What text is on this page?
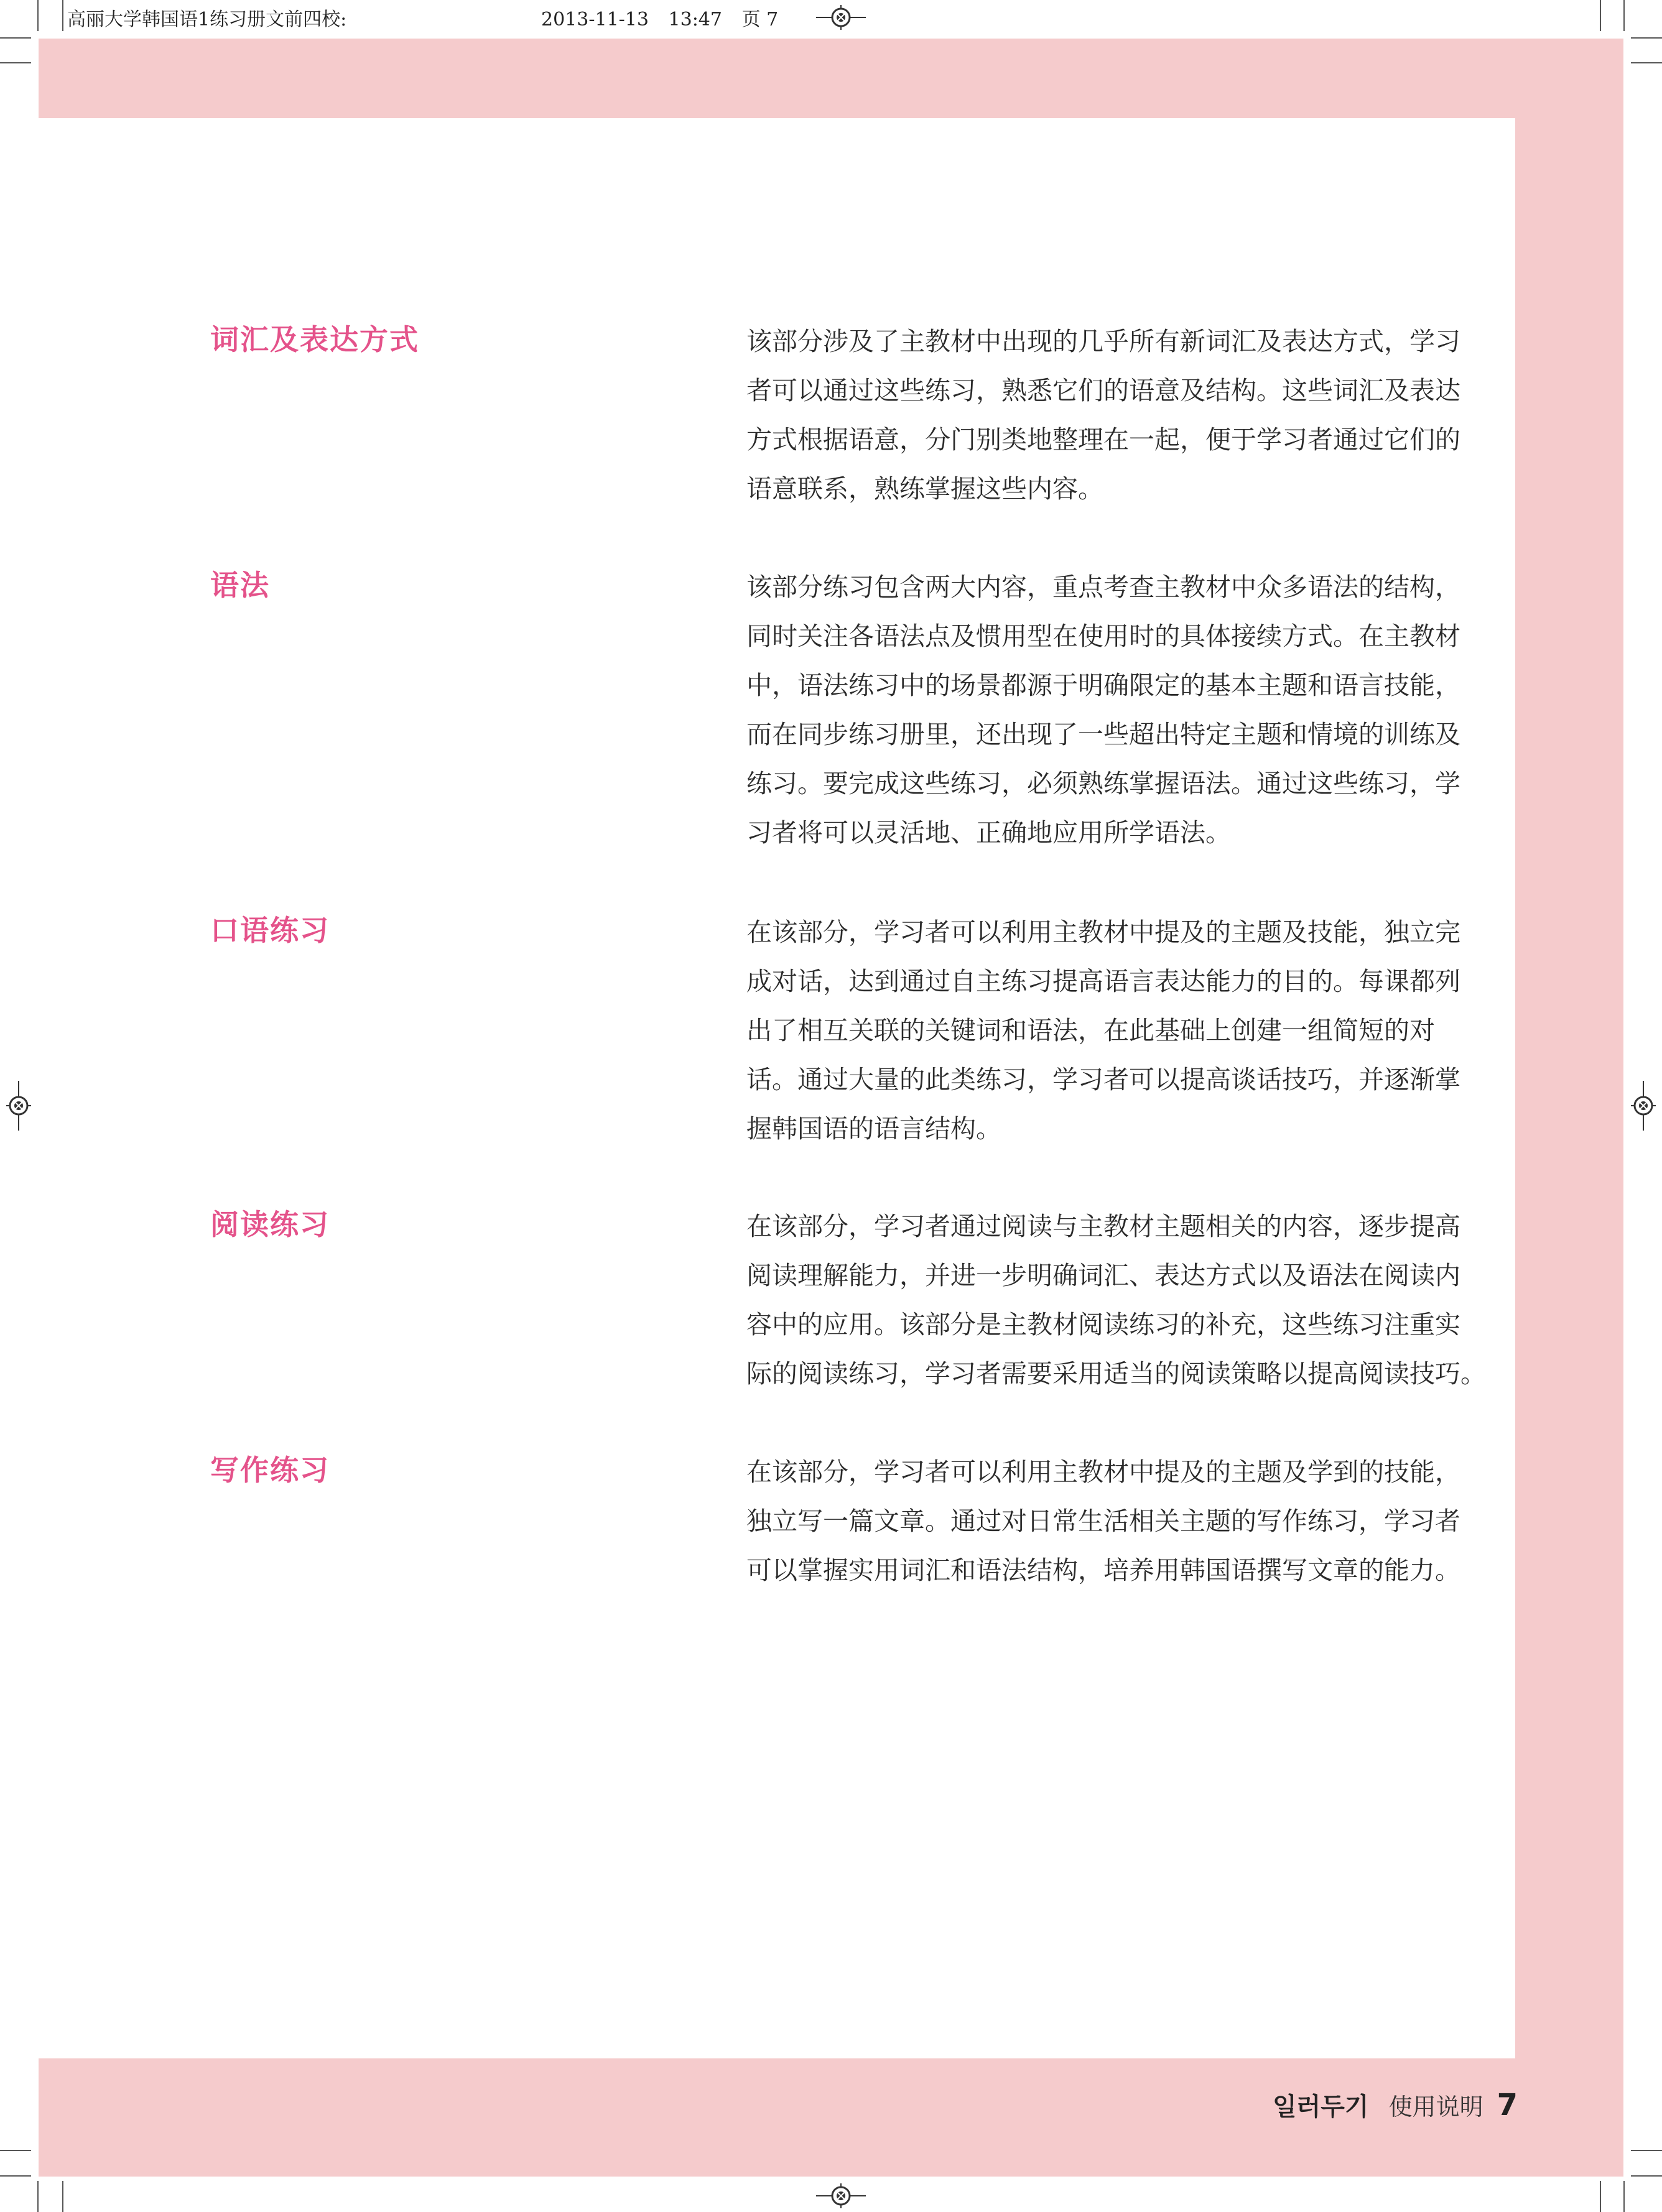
高丽大学韩国语1练习册文前四校:	2013-11-13 13:47 页 7
词汇及表达方式	该部分涉及了主教材中出现的几乎所有新词汇及表达方式，学习
者可以通过这些练习，熟悉它们的语意及结构。这些词汇及表达
方式根据语意，分门别类地整理在一起，便于学习者通过它们的
语意联系，熟练掌握这些内容。

语法	该部分练习包含两大内容，重点考查主教材中众多语法的结构，
同时关注各语法点及惯用型在使用时的具体接续方式。在主教材
中，语法练习中的场景都源于明确限定的基本主题和语言技能，
而在同步练习册里，还出现了一些超出特定主题和情境的训练及
练习。要完成这些练习，必须熟练掌握语法。通过这些练习，学
习者将可以灵活地、正确地应用所学语法。

口语练习	在该部分，学习者可以利用主教材中提及的主题及技能，独立完
成对话，达到通过自主练习提高语言表达能力的目的。每课都列
出了相互关联的关键词和语法，在此基础上创建一组简短的对
话。通过大量的此类练习，学习者可以提高谈话技巧，并逐渐掌
握韩国语的语言结构。

阅读练习	在该部分，学习者通过阅读与主教材主题相关的内容，逐步提高
阅读理解能力，并进一步明确词汇、表达方式以及语法在阅读内
容中的应用。该部分是主教材阅读练习的补充，这些练习注重实
际的阅读练习，学习者需要采用适当的阅读策略以提高阅读技巧。

写作练习	在该部分，学习者可以利用主教材中提及的主题及学到的技能，
独立写一篇文章。通过对日常生活相关主题的写作练习，学习者
可以掌握实用词汇和语法结构，培养用韩国语撰写文章的能力。

일러두기 使用说明 7
